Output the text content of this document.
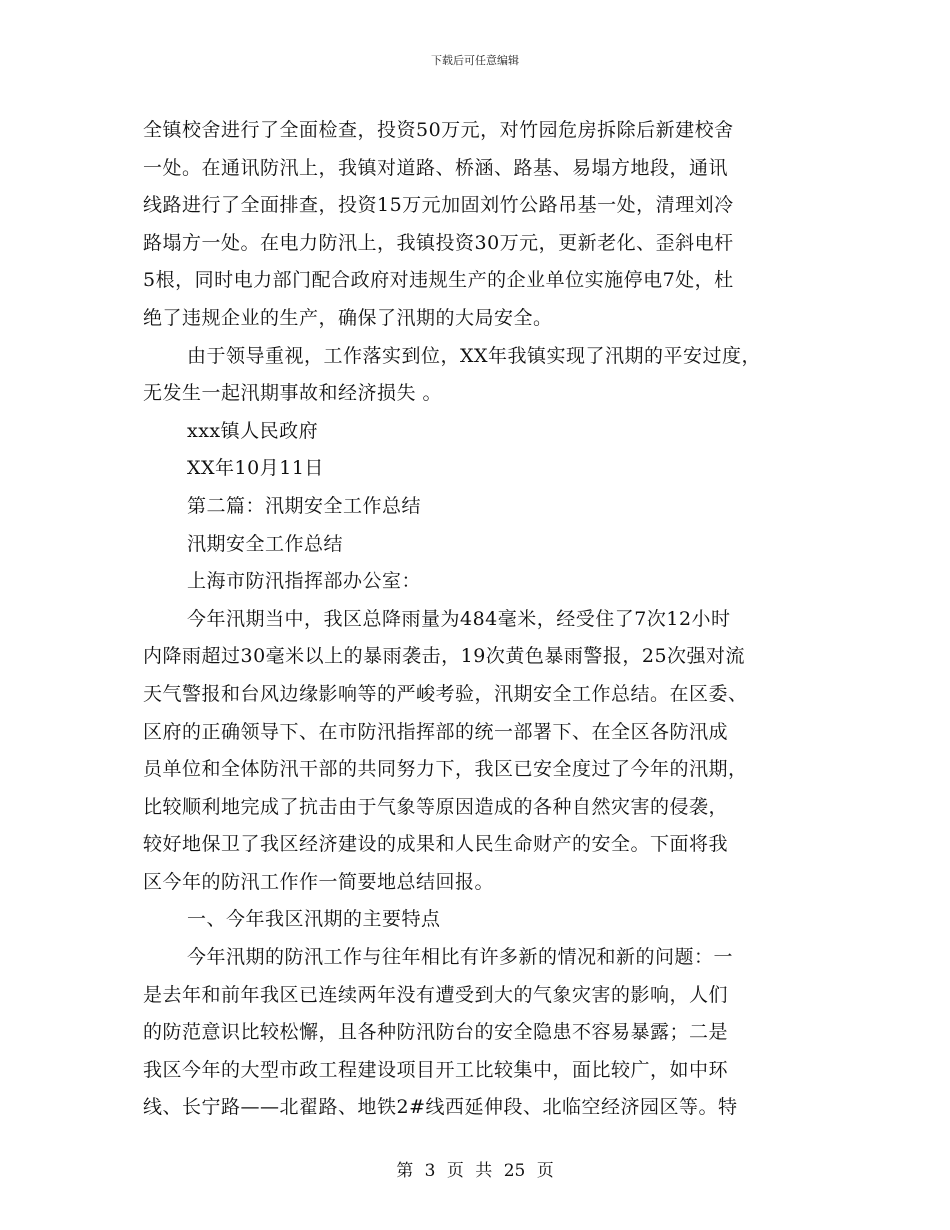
下载后可任意编辑
全镇校舍进行了全面检查，投资50万元，对竹园危房拆除后新建校舍
一处。在通讯防汛上，我镇对道路、桥涵、路基、易塌方地段，通讯
线路进行了全面排查，投资15万元加固刘竹公路吊基一处，清理刘冷
路塌方一处。在电力防汛上，我镇投资30万元，更新老化、歪斜电杆
5根，同时电力部门配合政府对违规生产的企业单位实施停电7处，杜
绝了违规企业的生产，确保了汛期的大局安全。
由于领导重视，工作落实到位，XX年我镇实现了汛期的平安过度，
无发生一起汛期事故和经济损失 。
xxx镇人民政府
XX年10月11日
第二篇：汛期安全工作总结
汛期安全工作总结
上海市防汛指挥部办公室：
今年汛期当中，我区总降雨量为484毫米，经受住了7次12小时
内降雨超过30毫米以上的暴雨袭击，19次黄色暴雨警报，25次强对流
天气警报和台风边缘影响等的严峻考验，汛期安全工作总结。在区委、
区府的正确领导下、在市防汛指挥部的统一部署下、在全区各防汛成
员单位和全体防汛干部的共同努力下，我区已安全度过了今年的汛期，
比较顺利地完成了抗击由于气象等原因造成的各种自然灾害的侵袭，
较好地保卫了我区经济建设的成果和人民生命财产的安全。下面将我
区今年的防汛工作作一简要地总结回报。
一、今年我区汛期的主要特点
今年汛期的防汛工作与往年相比有许多新的情况和新的问题：一
是去年和前年我区已连续两年没有遭受到大的气象灾害的影响，人们
的防范意识比较松懈，且各种防汛防台的安全隐患不容易暴露；二是
我区今年的大型市政工程建设项目开工比较集中，面比较广，如中环
线、长宁路——北翟路、地铁2#线西延伸段、北临空经济园区等。特
第 3 页 共 25 页
